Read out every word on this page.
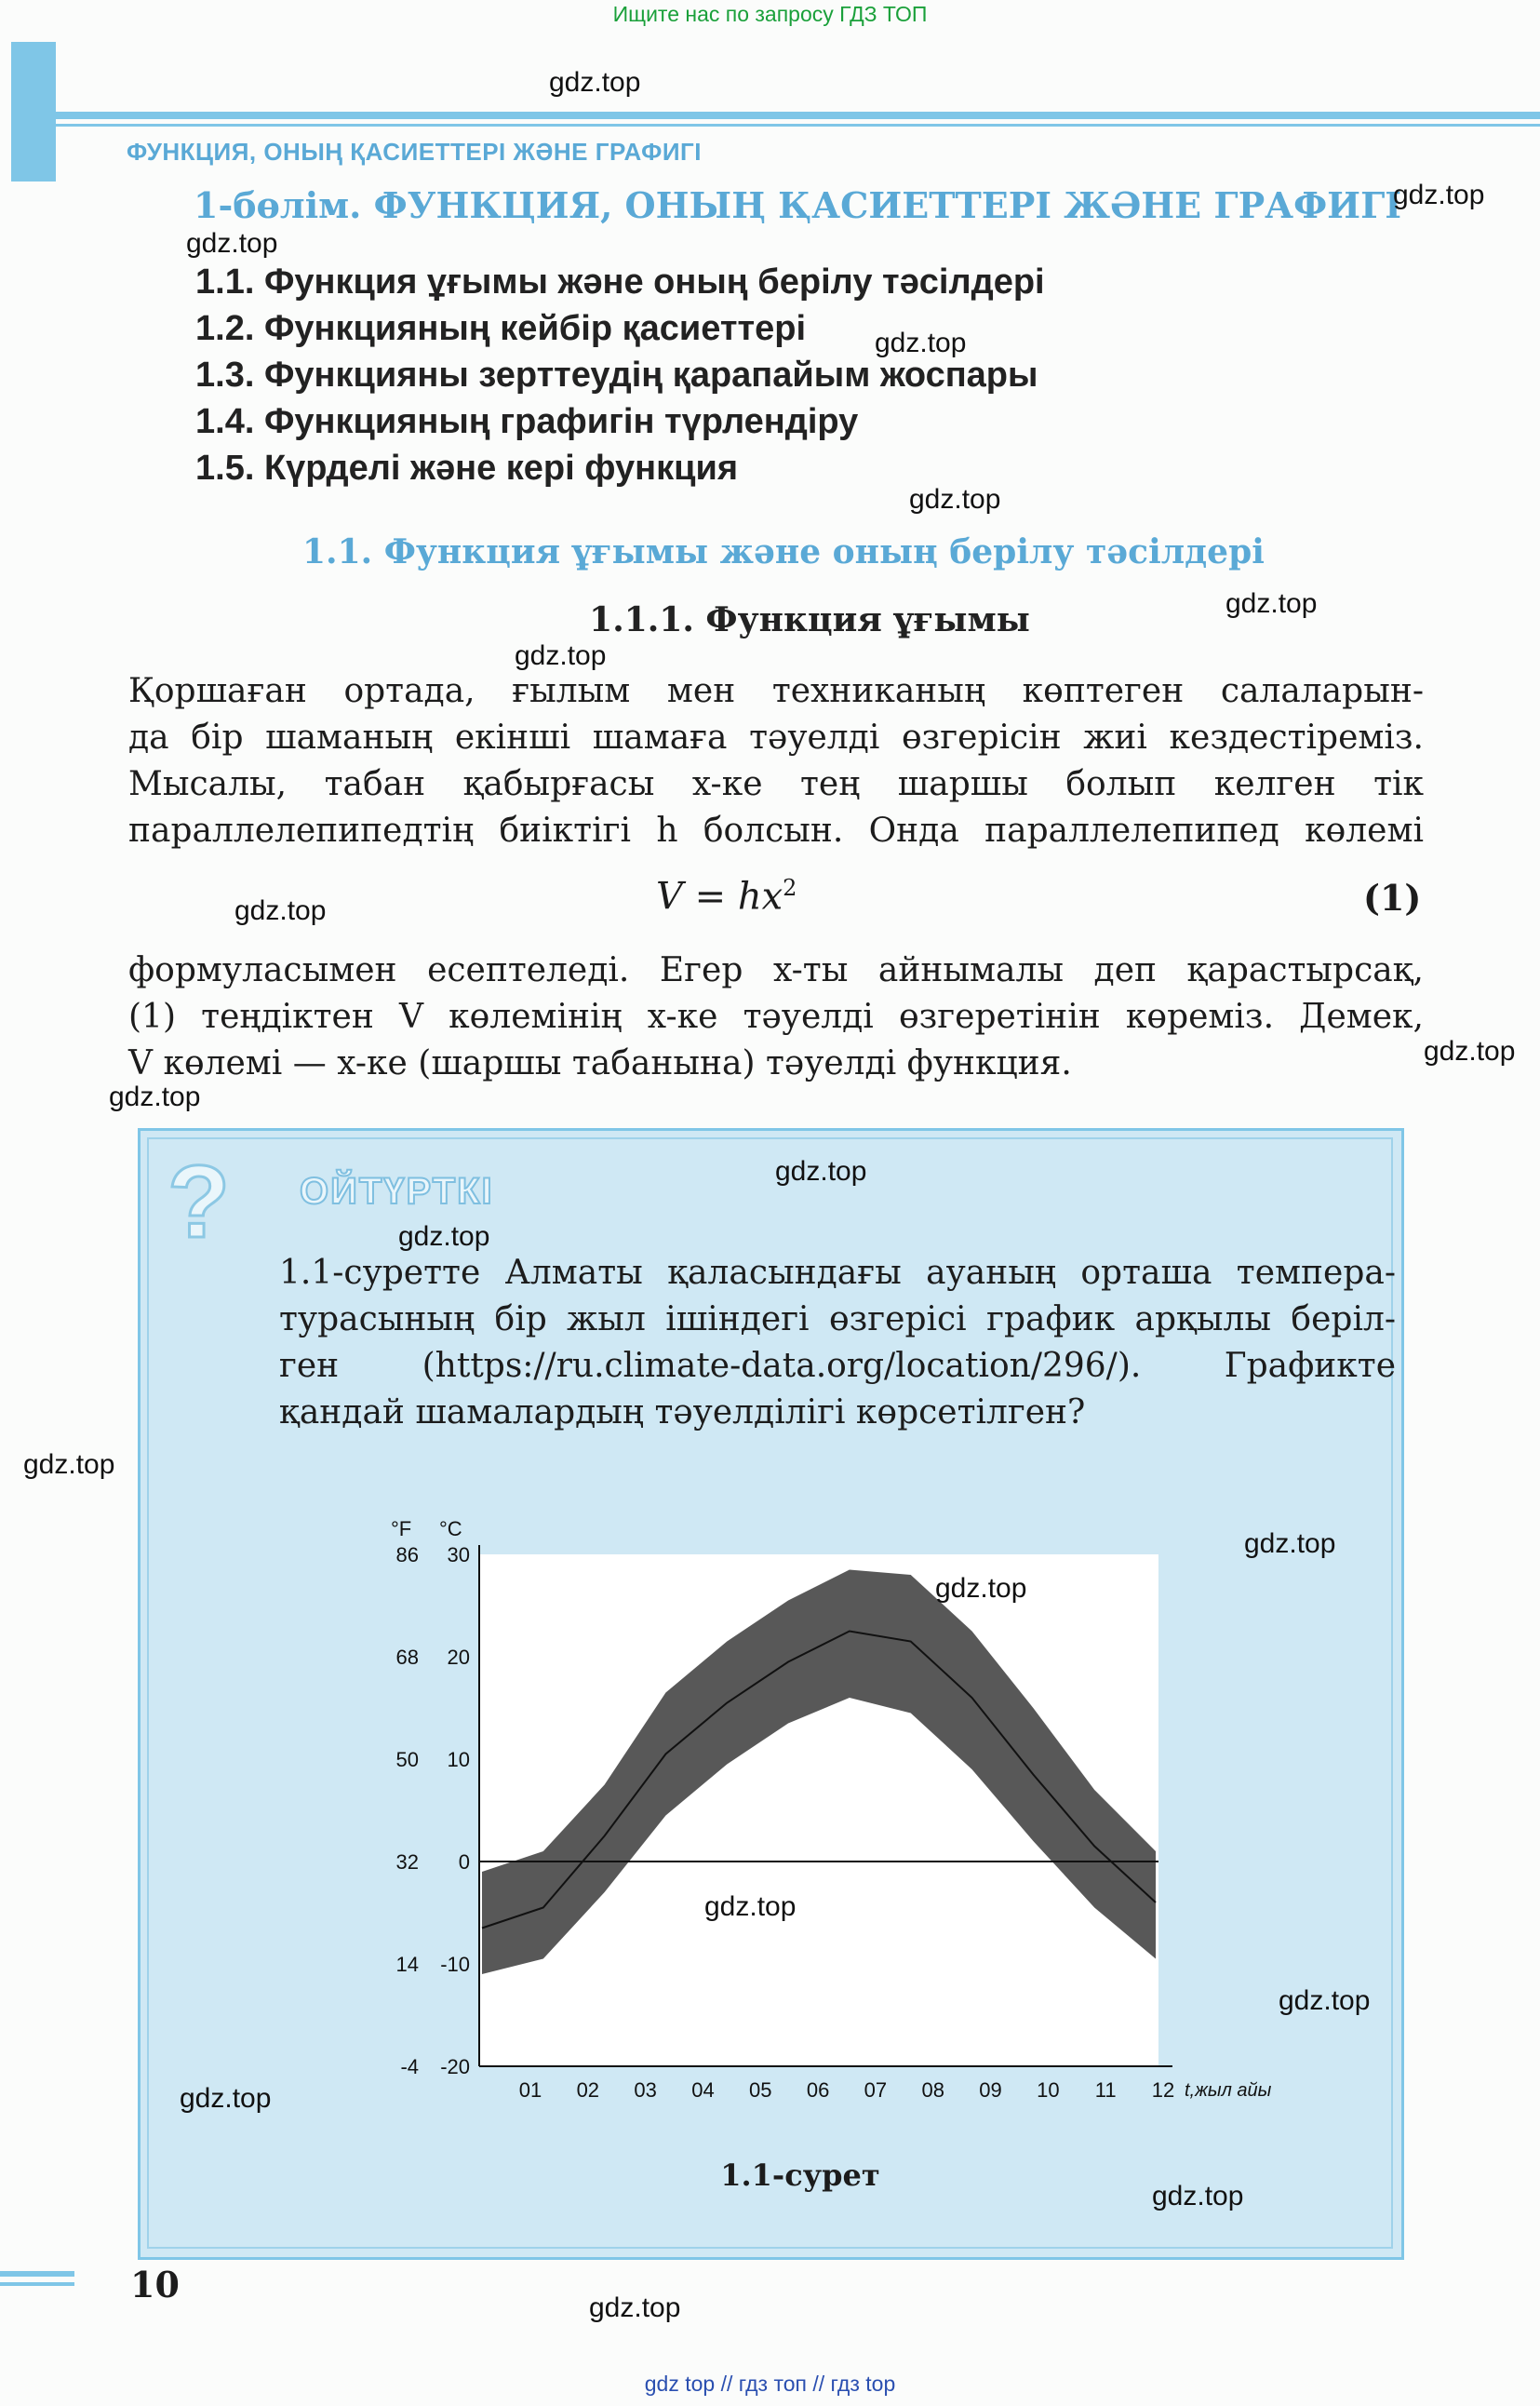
Ищите нас по запросу ГДЗ ТОП
ФУНКЦИЯ, ОНЫҢ ҚАСИЕТТЕРІ ЖӘНЕ ГРАФИГІ
1-бөлім. ФУНКЦИЯ, ОНЫҢ ҚАСИЕТТЕРІ ЖӘНЕ ГРАФИГІ
1.1. Функция ұғымы және оның берілу тәсілдері
1.2. Функцияның кейбір қасиеттері
1.3. Функцияны зерттеудің қарапайым жоспары
1.4. Функцияның графигін түрлендіру
1.5. Күрделі және кері функция
1.1. Функция ұғымы және оның берілу тәсілдері
1.1.1. Функция ұғымы
Қоршаған ортада, ғылым мен техниканың көптеген салаларын-
да бір шаманың екінші шамаға тәуелді өзгерісін жиі кездестіреміз.
Мысалы, табан қабырғасы x-ке тең шаршы болып келген тік
параллелепипедтің биіктігі h болсын. Онда параллелепипед көлемі
$V = hx^2$	(1)
формуласымен есептеледі. Егер x-ты айнымалы деп қарастырсақ,
(1) теңдіктен V көлемінің x-ке тәуелді өзгеретінін көреміз. Демек,
V көлемі — x-ке (шаршы табанына) тәуелді функция.
? ОЙТҮРТКІ
1.1-суретте Алматы қаласындағы ауаның орташа темпера-
турасының бір жыл ішіндегі өзгерісі график арқылы беріл-
ген (https://ru.climate-data.org/location/296/). Графикте
қандай шамалардың тәуелділігі көрсетілген?
°F °C
86 30
68 20
50 10
32 0
14 -10
-4 -20
01 02 03 04 05 06 07 08 09 10 11 12 t,жыл айы
1.1-сурет
10
gdz.top
gdz.top
gdz.top
gdz.top
gdz.top
gdz.top
gdz.top
gdz.top
gdz.top
gdz.top
gdz.top
gdz.top
gdz.top
gdz.top
gdz.top
gdz.top
gdz.top
gdz.top
gdz.top
gdz.top
gdz top // гдз топ // гдз top
